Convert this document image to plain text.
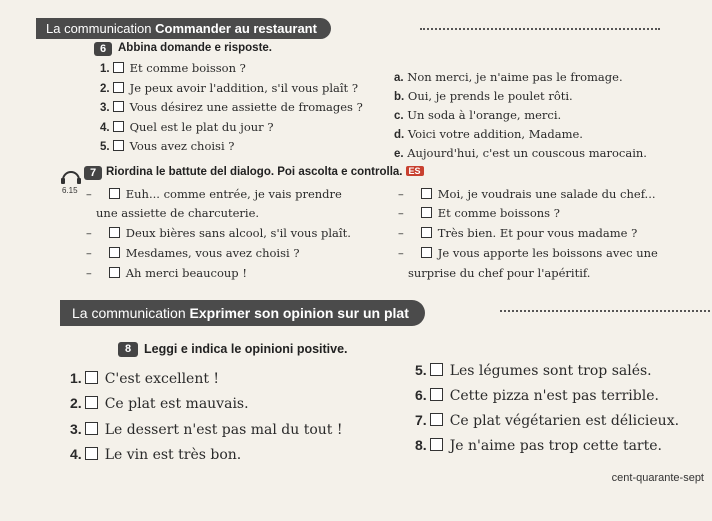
La communication Commander au restaurant
6	Abbina domande e risposte.
1. Et comme boisson ?
2. Je peux avoir l'addition, s'il vous plaît ?
3. Vous désirez une assiette de fromages ?
4. Quel est le plat du jour ?
5. Vous avez choisi ?
a. Non merci, je n'aime pas le fromage.
b. Oui, je prends le poulet rôti.
c. Un soda à l'orange, merci.
d. Voici votre addition, Madame.
e. Aujourd'hui, c'est un couscous marocain.
6.15
7 Riordina le battute del dialogo. Poi ascolta e controlla. ES
–	Euh... comme entrée, je vais prendre
une assiette de charcuterie.
–	Deux bières sans alcool, s'il vous plaît.
–	Mesdames, vous avez choisi ?
–	Ah merci beaucoup !
–	Moi, je voudrais une salade du chef...
–	Et comme boissons ?
–	Très bien. Et pour vous madame ?
–	Je vous apporte les boissons avec une
surprise du chef pour l'apéritif.
La communication Exprimer son opinion sur un plat
8	Leggi e indica le opinioni positive.
1. C'est excellent !
2. Ce plat est mauvais.
3. Le dessert n'est pas mal du tout !
4. Le vin est très bon.
5. Les légumes sont trop salés.
6. Cette pizza n'est pas terrible.
7. Ce plat végétarien est délicieux.
8. Je n'aime pas trop cette tarte.
cent-quarante-sept
